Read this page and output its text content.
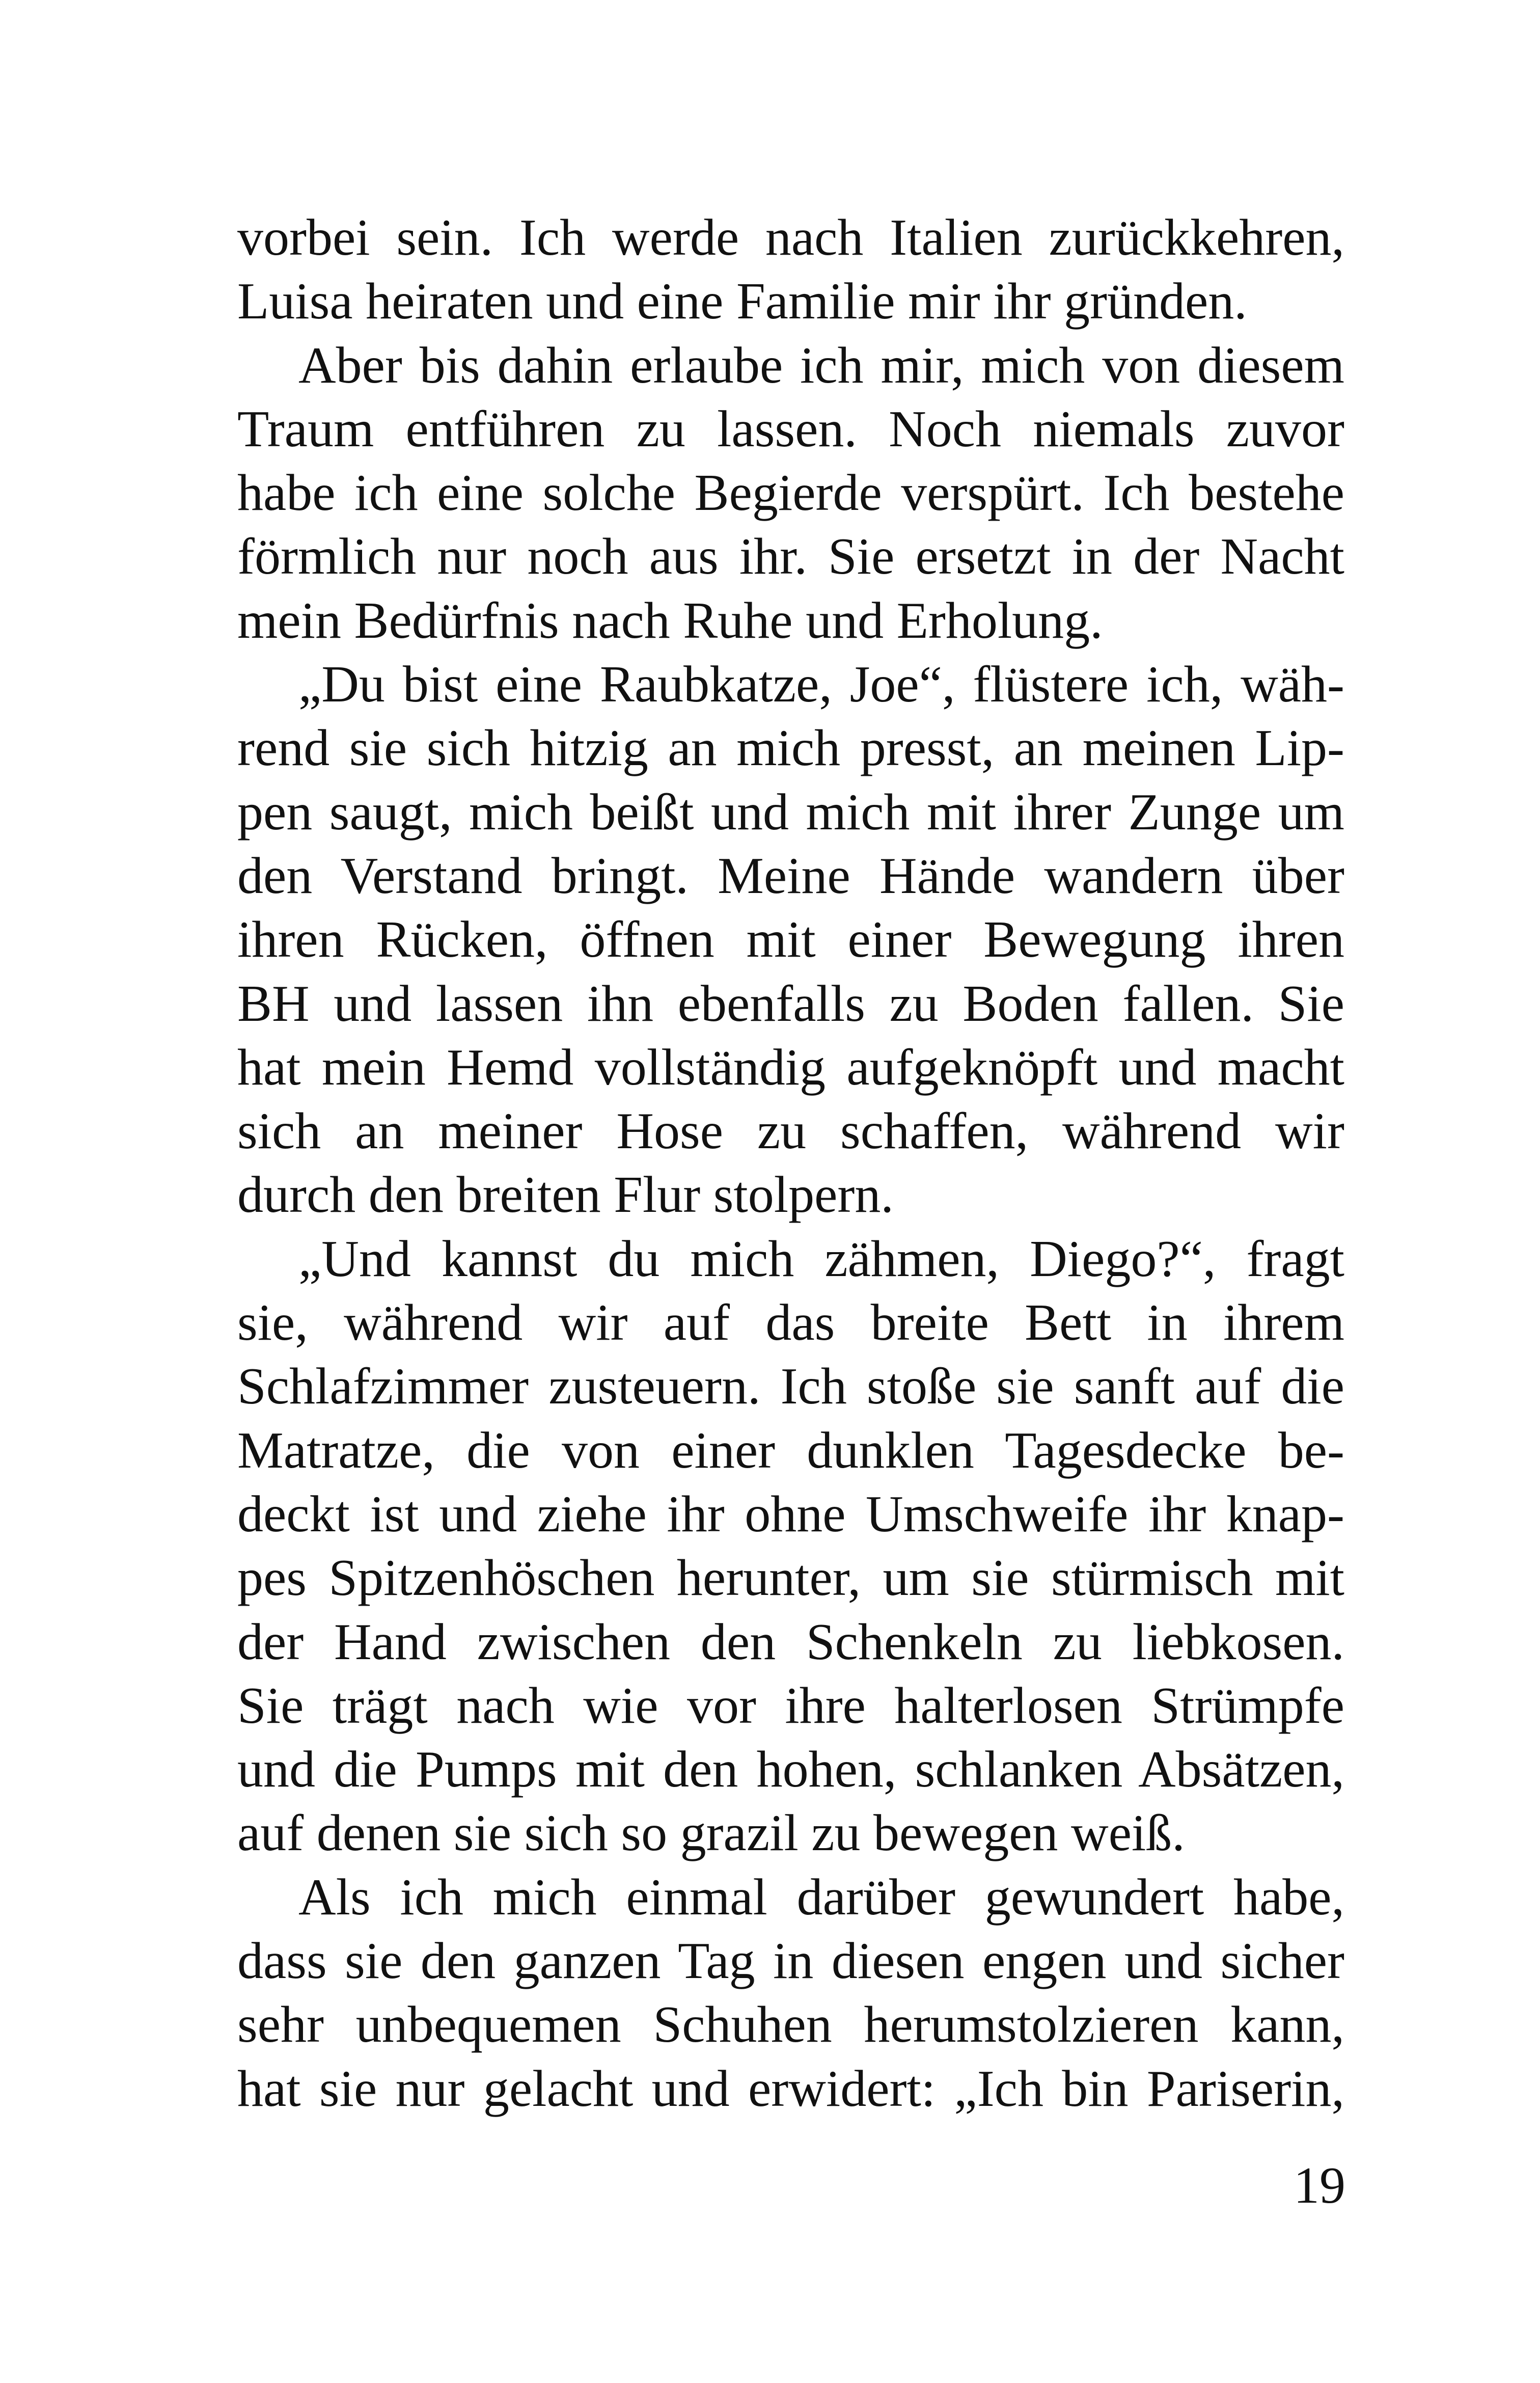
vorbei sein. Ich werde nach Italien zurückkehren,
Luisa heiraten und eine Familie mir ihr gründen.
Aber bis dahin erlaube ich mir, mich von diesem
Traum entführen zu lassen. Noch niemals zuvor
habe ich eine solche Begierde verspürt. Ich bestehe
förmlich nur noch aus ihr. Sie ersetzt in der Nacht
mein Bedürfnis nach Ruhe und Erholung.
„Du bist eine Raubkatze, Joe“, flüstere ich, wäh-
rend sie sich hitzig an mich presst, an meinen Lip-
pen saugt, mich beißt und mich mit ihrer Zunge um
den Verstand bringt. Meine Hände wandern über
ihren Rücken, öffnen mit einer Bewegung ihren
BH und lassen ihn ebenfalls zu Boden fallen. Sie
hat mein Hemd vollständig aufgeknöpft und macht
sich an meiner Hose zu schaffen, während wir
durch den breiten Flur stolpern.
„Und kannst du mich zähmen, Diego?“, fragt
sie, während wir auf das breite Bett in ihrem
Schlafzimmer zusteuern. Ich stoße sie sanft auf die
Matratze, die von einer dunklen Tagesdecke be-
deckt ist und ziehe ihr ohne Umschweife ihr knap-
pes Spitzenhöschen herunter, um sie stürmisch mit
der Hand zwischen den Schenkeln zu liebkosen.
Sie trägt nach wie vor ihre halterlosen Strümpfe
und die Pumps mit den hohen, schlanken Absätzen,
auf denen sie sich so grazil zu bewegen weiß.
Als ich mich einmal darüber gewundert habe,
dass sie den ganzen Tag in diesen engen und sicher
sehr unbequemen Schuhen herumstolzieren kann,
hat sie nur gelacht und erwidert: „Ich bin Pariserin,
19
